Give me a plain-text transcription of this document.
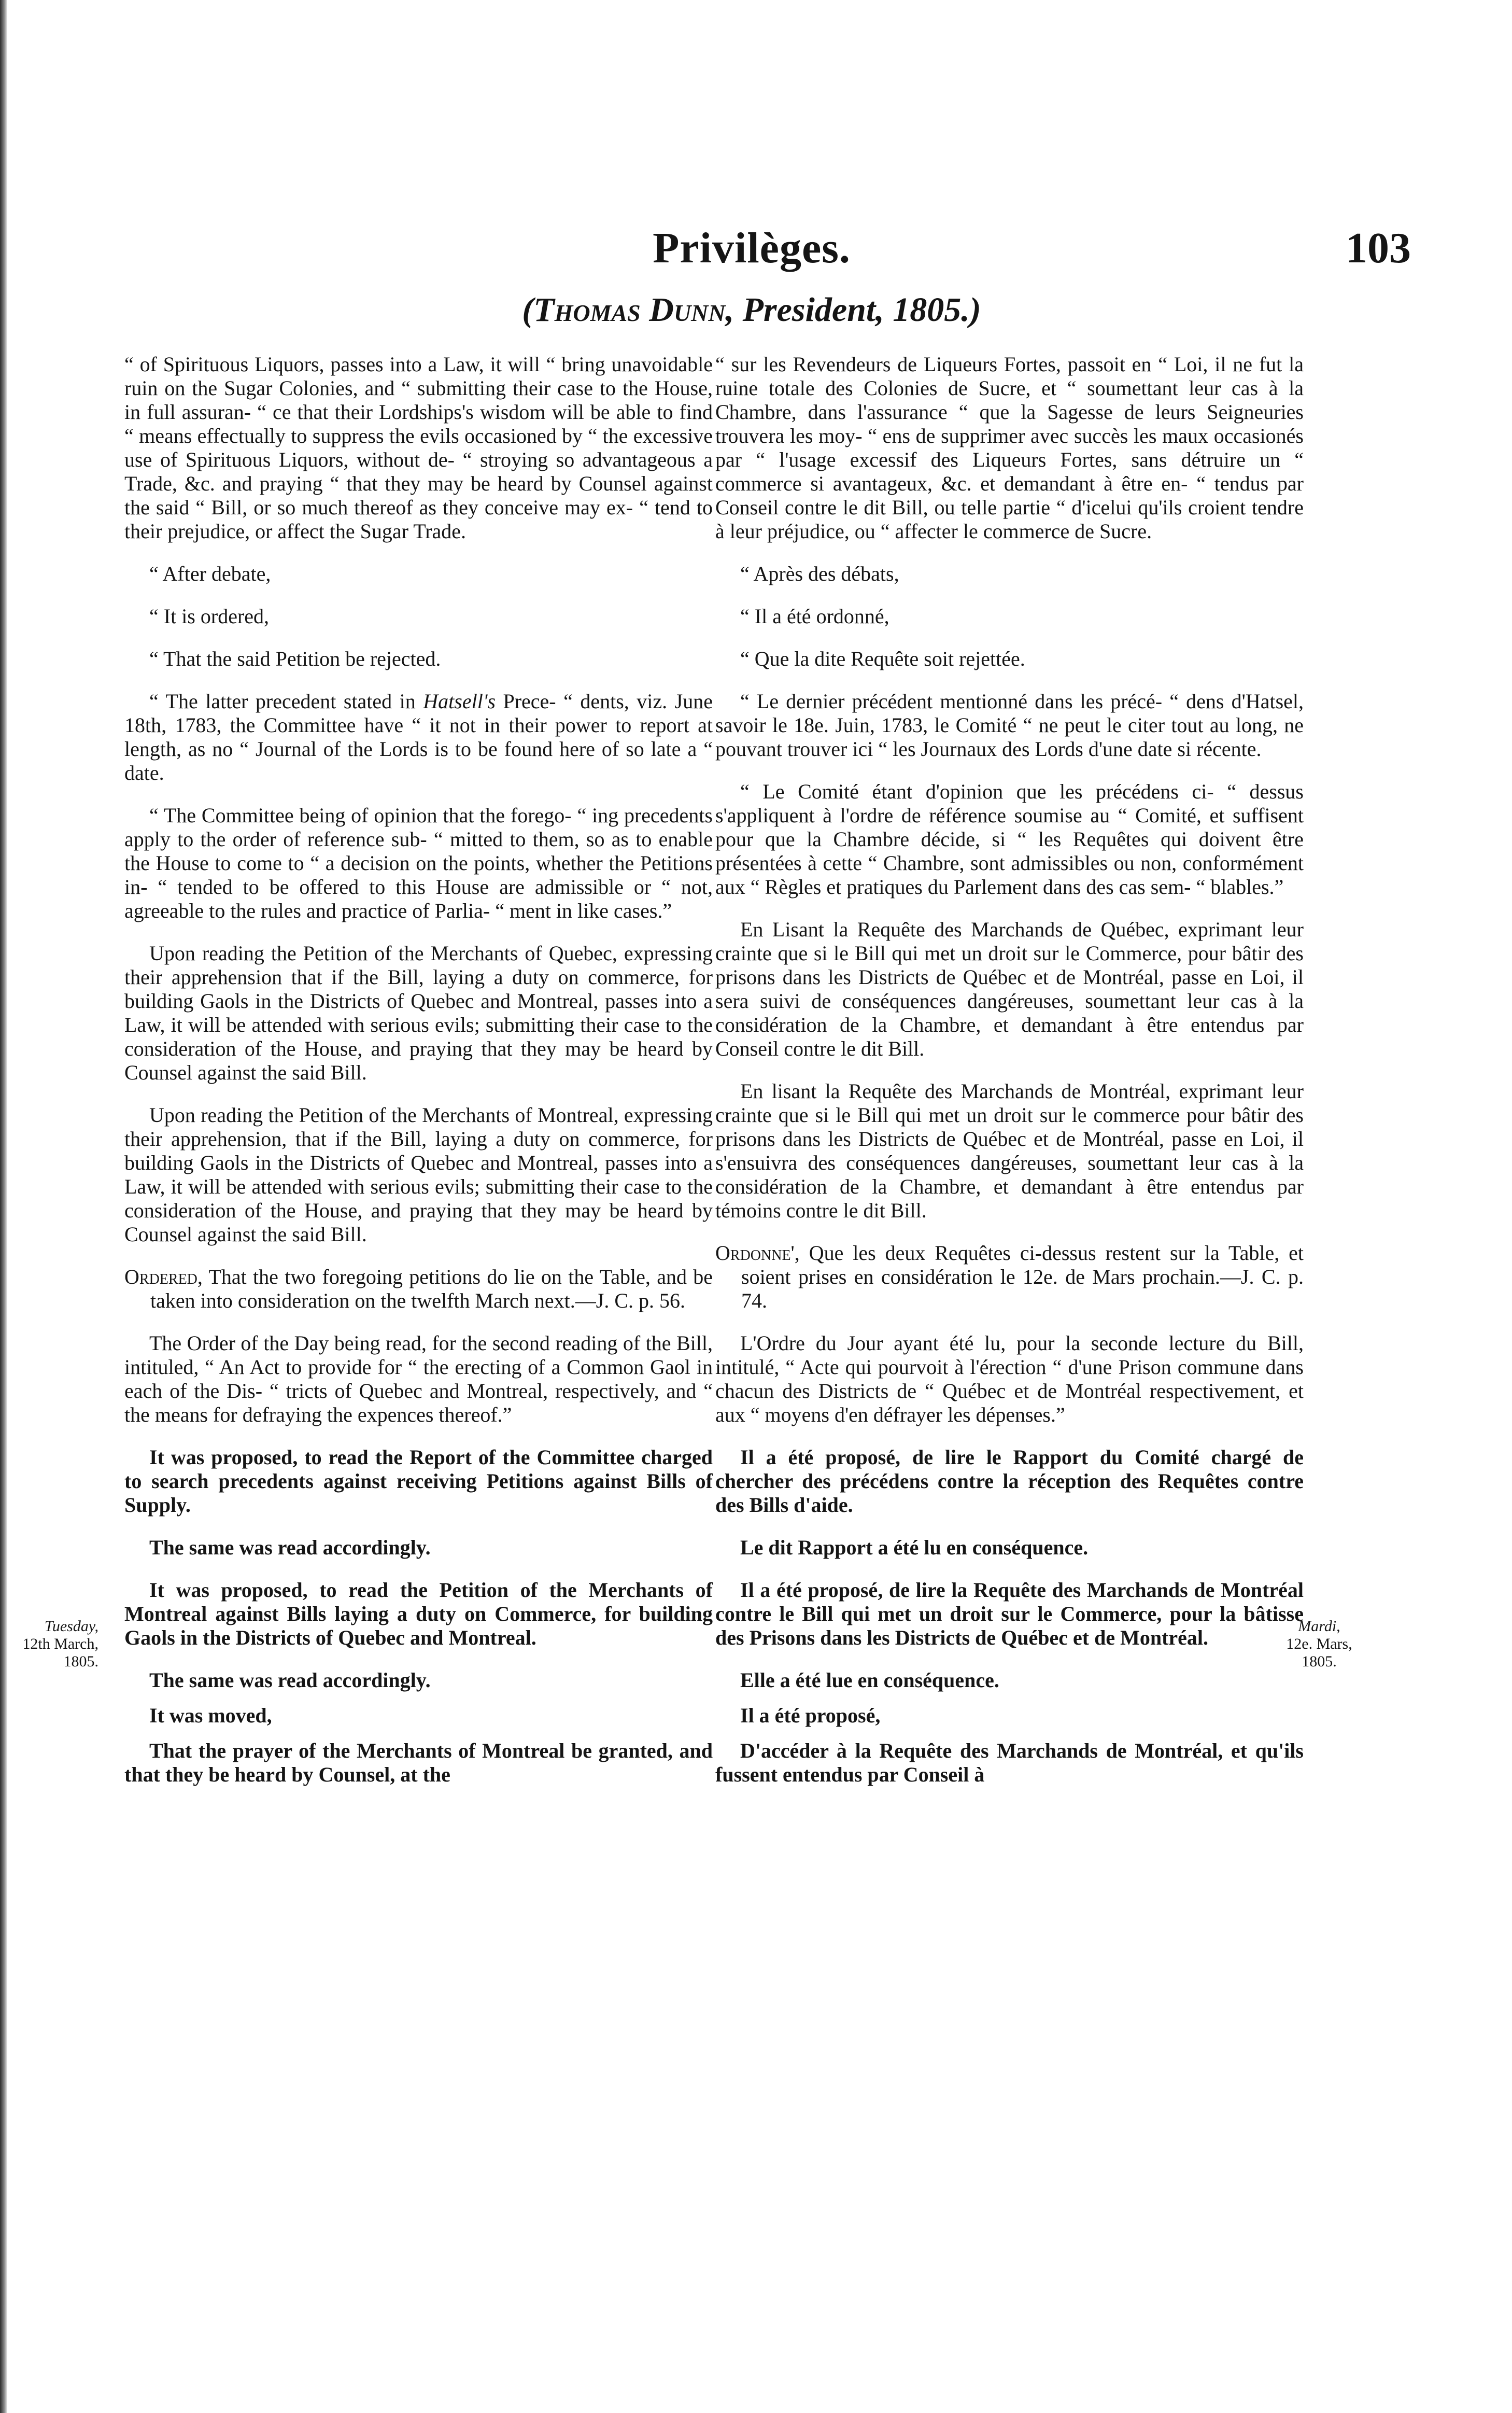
Privilèges.	103
(Thomas Dunn, President, 1805.)
Tuesday,
12th March,
1805.
Mardi,
12e. Mars,
1805.

“ of Spirituous Liquors, passes into a Law, it will “ bring unavoidable ruin on the Sugar Colonies, and “ submitting their case to the House, in full assuran- “ ce that their Lordships's wisdom will be able to find “ means effectually to suppress the evils occasioned by “ the excessive use of Spirituous Liquors, without de- “ stroying so advantageous a Trade, &c. and praying “ that they may be heard by Counsel against the said “ Bill, or so much thereof as they conceive may ex- “ tend to their prejudice, or affect the Sugar Trade.

“ After debate,

“ It is ordered,

“ That the said Petition be rejected.

“ The latter precedent stated in Hatsell's Prece- “ dents, viz. June 18th, 1783, the Committee have “ it not in their power to report at length, as no “ Journal of the Lords is to be found here of so late a “ date.

“ The Committee being of opinion that the forego- “ ing precedents apply to the order of reference sub- “ mitted to them, so as to enable the House to come to “ a decision on the points, whether the Petitions in- “ tended to be offered to this House are admissible or “ not, agreeable to the rules and practice of Parlia- “ ment in like cases.”

Upon reading the Petition of the Merchants of Quebec, expressing their apprehension that if the Bill, laying a duty on commerce, for building Gaols in the Districts of Quebec and Montreal, passes into a Law, it will be attended with serious evils; submitting their case to the consideration of the House, and praying that they may be heard by Counsel against the said Bill.

Upon reading the Petition of the Merchants of Montreal, expressing their apprehension, that if the Bill, laying a duty on commerce, for building Gaols in the Districts of Quebec and Montreal, passes into a Law, it will be attended with serious evils; submitting their case to the consideration of the House, and praying that they may be heard by Counsel against the said Bill.

Ordered, That the two foregoing petitions do lie on the Table, and be taken into consideration on the twelfth March next.—J. C. p. 56.

The Order of the Day being read, for the second reading of the Bill, intituled, “ An Act to provide for “ the erecting of a Common Gaol in each of the Dis- “ tricts of Quebec and Montreal, respectively, and “ the means for defraying the expences thereof.”

It was proposed, to read the Report of the Committee charged to search precedents against receiving Petitions against Bills of Supply.

The same was read accordingly.

It was proposed, to read the Petition of the Merchants of Montreal against Bills laying a duty on Commerce, for building Gaols in the Districts of Quebec and Montreal.

The same was read accordingly.

It was moved,

That the prayer of the Merchants of Montreal be granted, and that they be heard by Counsel, at the

“ sur les Revendeurs de Liqueurs Fortes, passoit en “ Loi, il ne fut la ruine totale des Colonies de Sucre, et “ soumettant leur cas à la Chambre, dans l'assurance “ que la Sagesse de leurs Seigneuries trouvera les moy- “ ens de supprimer avec succès les maux occasionés par “ l'usage excessif des Liqueurs Fortes, sans détruire un “ commerce si avantageux, &c. et demandant à être en- “ tendus par Conseil contre le dit Bill, ou telle partie “ d'icelui qu'ils croient tendre à leur préjudice, ou “ affecter le commerce de Sucre.

“ Après des débats,

“ Il a été ordonné,

“ Que la dite Requête soit rejettée.

“ Le dernier précédent mentionné dans les précé- “ dens d'Hatsel, savoir le 18e. Juin, 1783, le Comité “ ne peut le citer tout au long, ne pouvant trouver ici “ les Journaux des Lords d'une date si récente.

“ Le Comité étant d'opinion que les précédens ci- “ dessus s'appliquent à l'ordre de référence soumise au “ Comité, et suffisent pour que la Chambre décide, si “ les Requêtes qui doivent être présentées à cette “ Chambre, sont admissibles ou non, conformément aux “ Règles et pratiques du Parlement dans des cas sem- “ blables.”

En Lisant la Requête des Marchands de Québec, exprimant leur crainte que si le Bill qui met un droit sur le Commerce, pour bâtir des prisons dans les Districts de Québec et de Montréal, passe en Loi, il sera suivi de conséquences dangéreuses, soumettant leur cas à la considération de la Chambre, et demandant à être entendus par Conseil contre le dit Bill.

En lisant la Requête des Marchands de Montréal, exprimant leur crainte que si le Bill qui met un droit sur le commerce pour bâtir des prisons dans les Districts de Québec et de Montréal, passe en Loi, il s'ensuivra des conséquences dangéreuses, soumettant leur cas à la considération de la Chambre, et demandant à être entendus par témoins contre le dit Bill.

Ordonne', Que les deux Requêtes ci-dessus restent sur la Table, et soient prises en considération le 12e. de Mars prochain.—J. C. p. 74.

L'Ordre du Jour ayant été lu, pour la seconde lecture du Bill, intitulé, “ Acte qui pourvoit à l'érection “ d'une Prison commune dans chacun des Districts de “ Québec et de Montréal respectivement, et aux “ moyens d'en défrayer les dépenses.”

Il a été proposé, de lire le Rapport du Comité chargé de chercher des précédens contre la réception des Requêtes contre des Bills d'aide.

Le dit Rapport a été lu en conséquence.

Il a été proposé, de lire la Requête des Marchands de Montréal contre le Bill qui met un droit sur le Commerce, pour la bâtisse des Prisons dans les Districts de Québec et de Montréal.

Elle a été lue en conséquence.

Il a été proposé,

D'accéder à la Requête des Marchands de Montréal, et qu'ils fussent entendus par Conseil à
